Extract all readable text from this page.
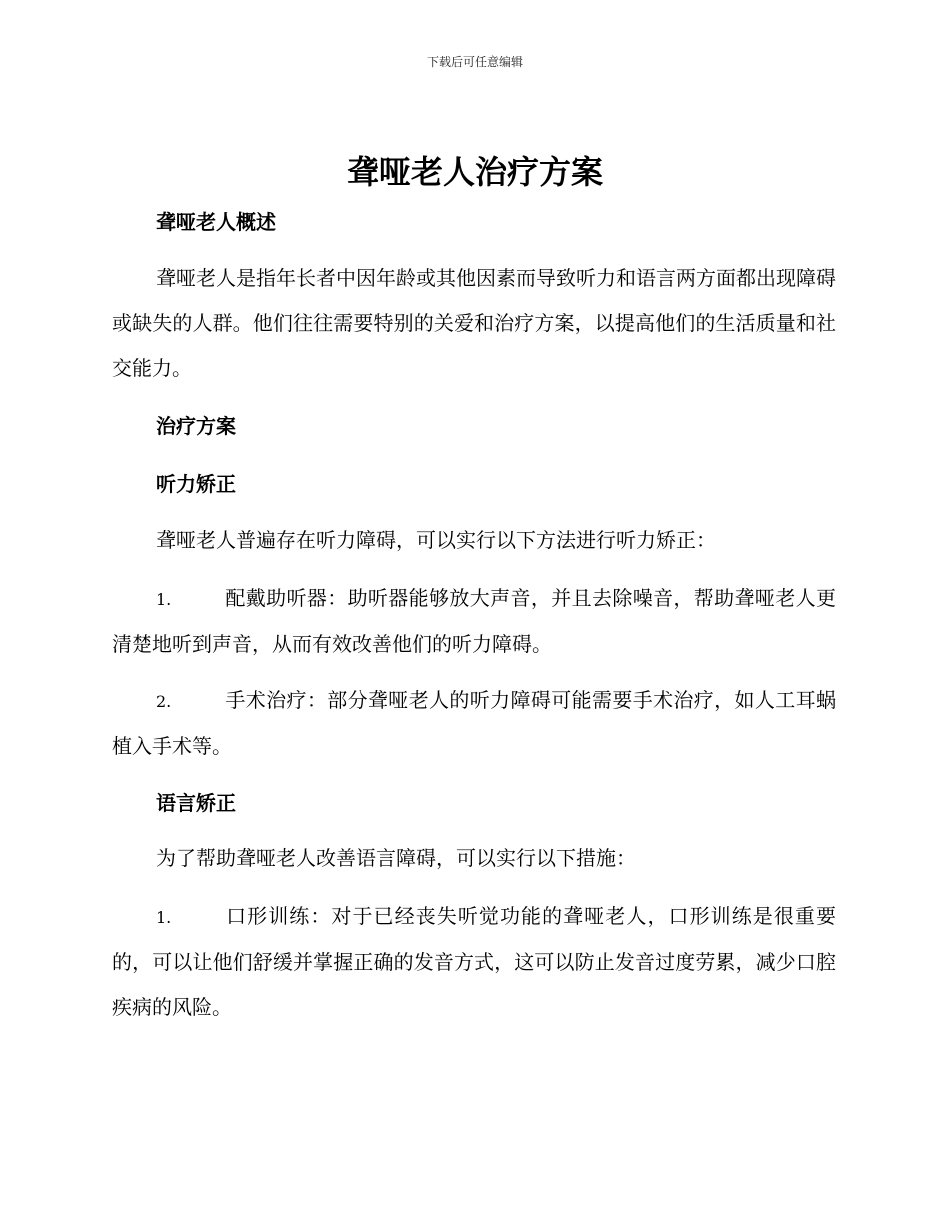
下载后可任意编辑
聋哑老人治疗方案
聋哑老人概述
聋哑老人是指年长者中因年龄或其他因素而导致听力和语言两方面都出现障碍或缺失的人群。他们往往需要特别的关爱和治疗方案，以提高他们的生活质量和社交能力。
治疗方案
听力矫正
聋哑老人普遍存在听力障碍，可以实行以下方法进行听力矫正：
1.	配戴助听器：助听器能够放大声音，并且去除噪音，帮助聋哑老人更清楚地听到声音，从而有效改善他们的听力障碍。
2.	手术治疗：部分聋哑老人的听力障碍可能需要手术治疗，如人工耳蜗植入手术等。
语言矫正
为了帮助聋哑老人改善语言障碍，可以实行以下措施：
1.	口形训练：对于已经丧失听觉功能的聋哑老人，口形训练是很重要的，可以让他们舒缓并掌握正确的发音方式，这可以防止发音过度劳累，减少口腔疾病的风险。
